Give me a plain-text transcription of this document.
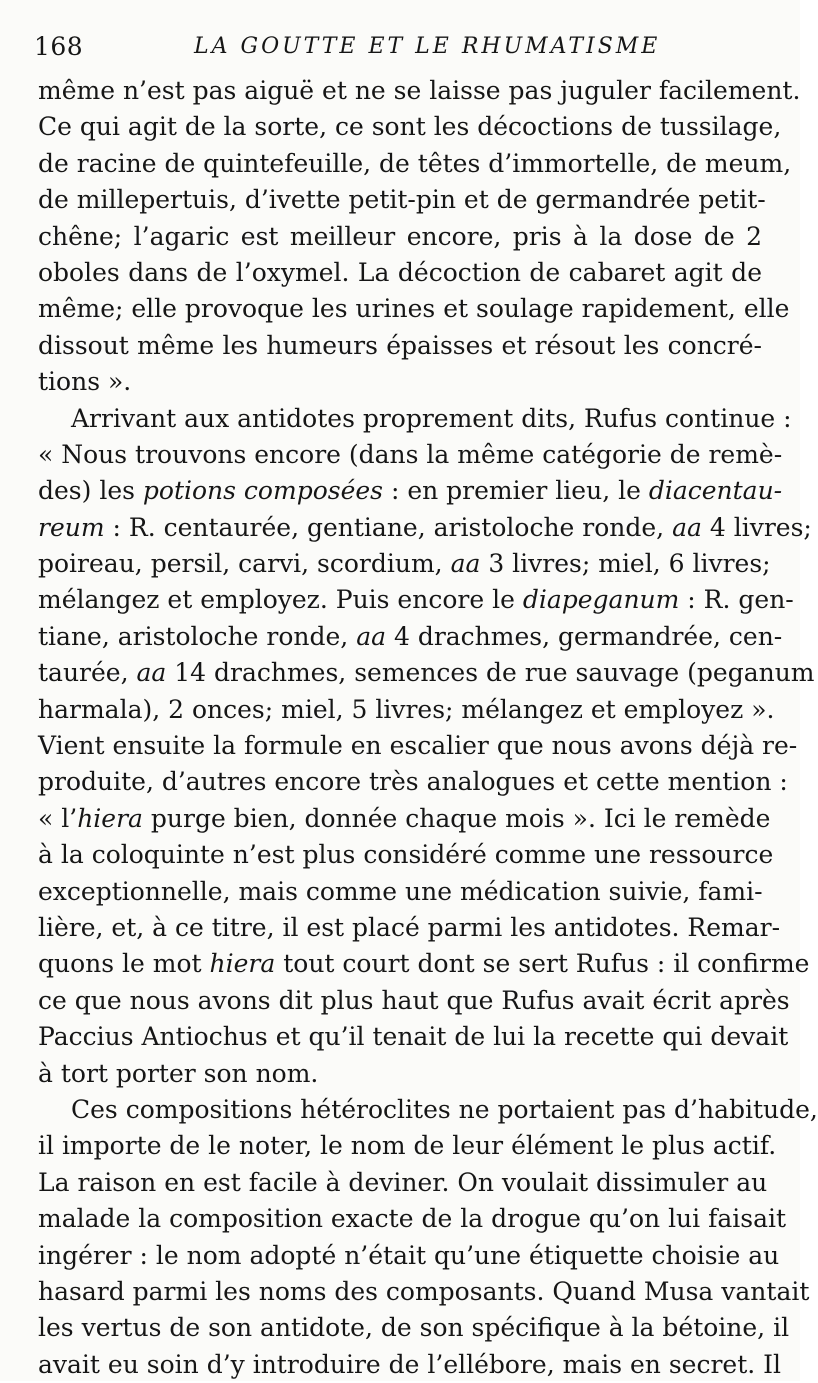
168	LA GOUTTE ET LE RHUMATISME
même n’est pas aiguë et ne se laisse pas juguler facilement.
Ce qui agit de la sorte, ce sont les décoctions de tussilage,
de racine de quintefeuille, de têtes d’immortelle, de meum,
de millepertuis, d’ivette petit-pin et de germandrée petit-
chêne; l’agaric est meilleur encore, pris à la dose de 2
oboles dans de l’oxymel. La décoction de cabaret agit de
même; elle provoque les urines et soulage rapidement, elle
dissout même les humeurs épaisses et résout les concré-
tions ».
Arrivant aux antidotes proprement dits, Rufus continue :
« Nous trouvons encore (dans la même catégorie de remè-
des) les potions composées : en premier lieu, le diacentau-
reum : R. centaurée, gentiane, aristoloche ronde, aa 4 livres;
poireau, persil, carvi, scordium, aa 3 livres; miel, 6 livres;
mélangez et employez. Puis encore le diapeganum : R. gen-
tiane, aristoloche ronde, aa 4 drachmes, germandrée, cen-
taurée, aa 14 drachmes, semences de rue sauvage (peganum
harmala), 2 onces; miel, 5 livres; mélangez et employez ».
Vient ensuite la formule en escalier que nous avons déjà re-
produite, d’autres encore très analogues et cette mention :
« l’hiera purge bien, donnée chaque mois ». Ici le remède
à la coloquinte n’est plus considéré comme une ressource
exceptionnelle, mais comme une médication suivie, fami-
lière, et, à ce titre, il est placé parmi les antidotes. Remar-
quons le mot hiera tout court dont se sert Rufus : il confirme
ce que nous avons dit plus haut que Rufus avait écrit après
Paccius Antiochus et qu’il tenait de lui la recette qui devait
à tort porter son nom.
Ces compositions hétéroclites ne portaient pas d’habitude,
il importe de le noter, le nom de leur élément le plus actif.
La raison en est facile à deviner. On voulait dissimuler au
malade la composition exacte de la drogue qu’on lui faisait
ingérer : le nom adopté n’était qu’une étiquette choisie au
hasard parmi les noms des composants. Quand Musa vantait
les vertus de son antidote, de son spécifique à la bétoine, il
avait eu soin d’y introduire de l’ellébore, mais en secret. Il
